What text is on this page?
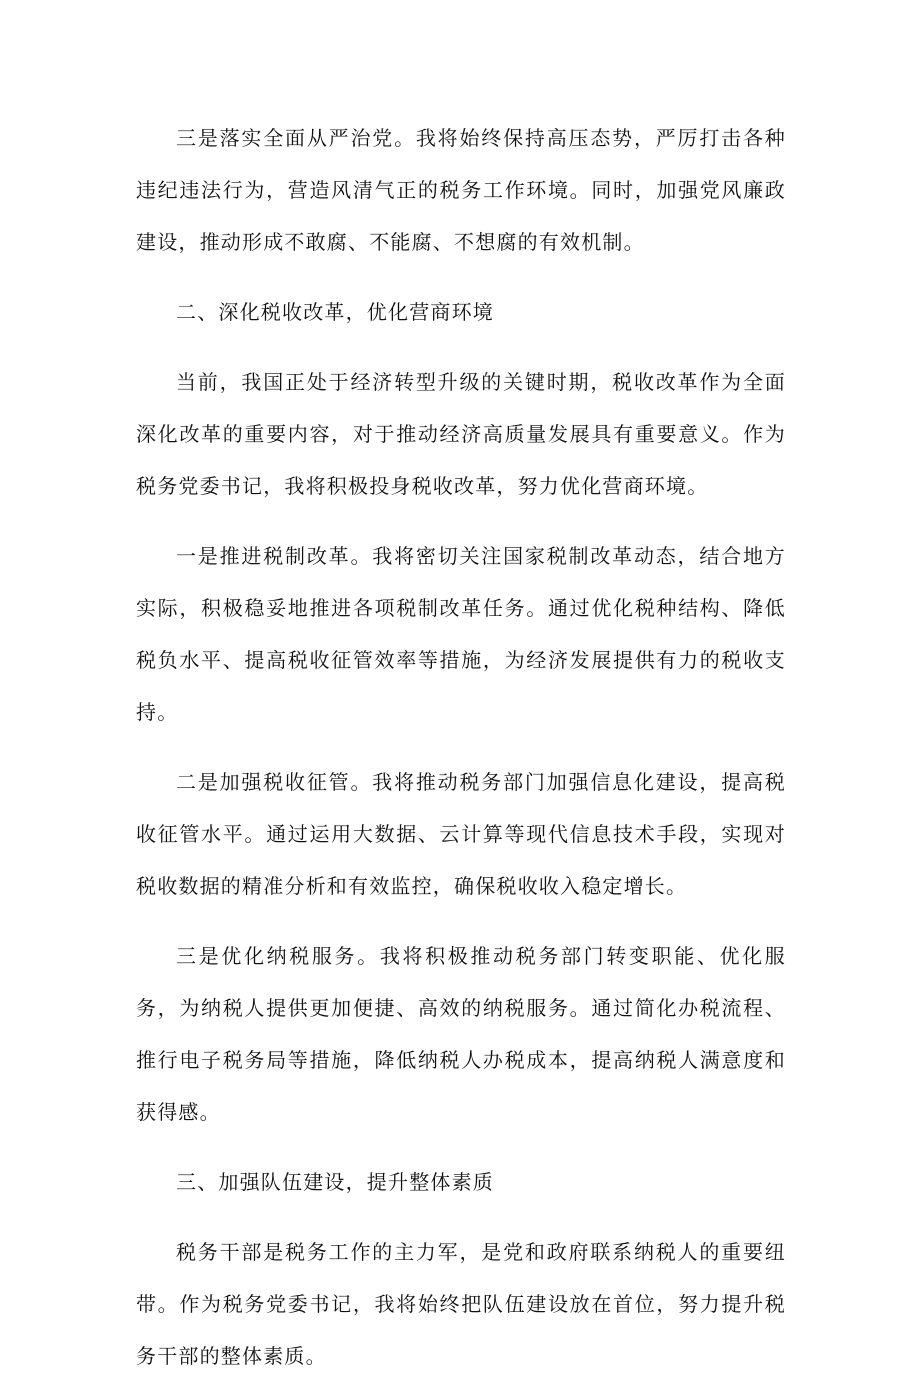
三是落实全面从严治党。我将始终保持高压态势，严厉打击各种违纪违法行为，营造风清气正的税务工作环境。同时，加强党风廉政建设，推动形成不敢腐、不能腐、不想腐的有效机制。

二、深化税收改革，优化营商环境

当前，我国正处于经济转型升级的关键时期，税收改革作为全面深化改革的重要内容，对于推动经济高质量发展具有重要意义。作为税务党委书记，我将积极投身税收改革，努力优化营商环境。

一是推进税制改革。我将密切关注国家税制改革动态，结合地方实际，积极稳妥地推进各项税制改革任务。通过优化税种结构、降低税负水平、提高税收征管效率等措施，为经济发展提供有力的税收支持。

二是加强税收征管。我将推动税务部门加强信息化建设，提高税收征管水平。通过运用大数据、云计算等现代信息技术手段，实现对税收数据的精准分析和有效监控，确保税收收入稳定增长。

三是优化纳税服务。我将积极推动税务部门转变职能、优化服务，为纳税人提供更加便捷、高效的纳税服务。通过简化办税流程、推行电子税务局等措施，降低纳税人办税成本，提高纳税人满意度和获得感。

三、加强队伍建设，提升整体素质

税务干部是税务工作的主力军，是党和政府联系纳税人的重要纽带。作为税务党委书记，我将始终把队伍建设放在首位，努力提升税务干部的整体素质。
